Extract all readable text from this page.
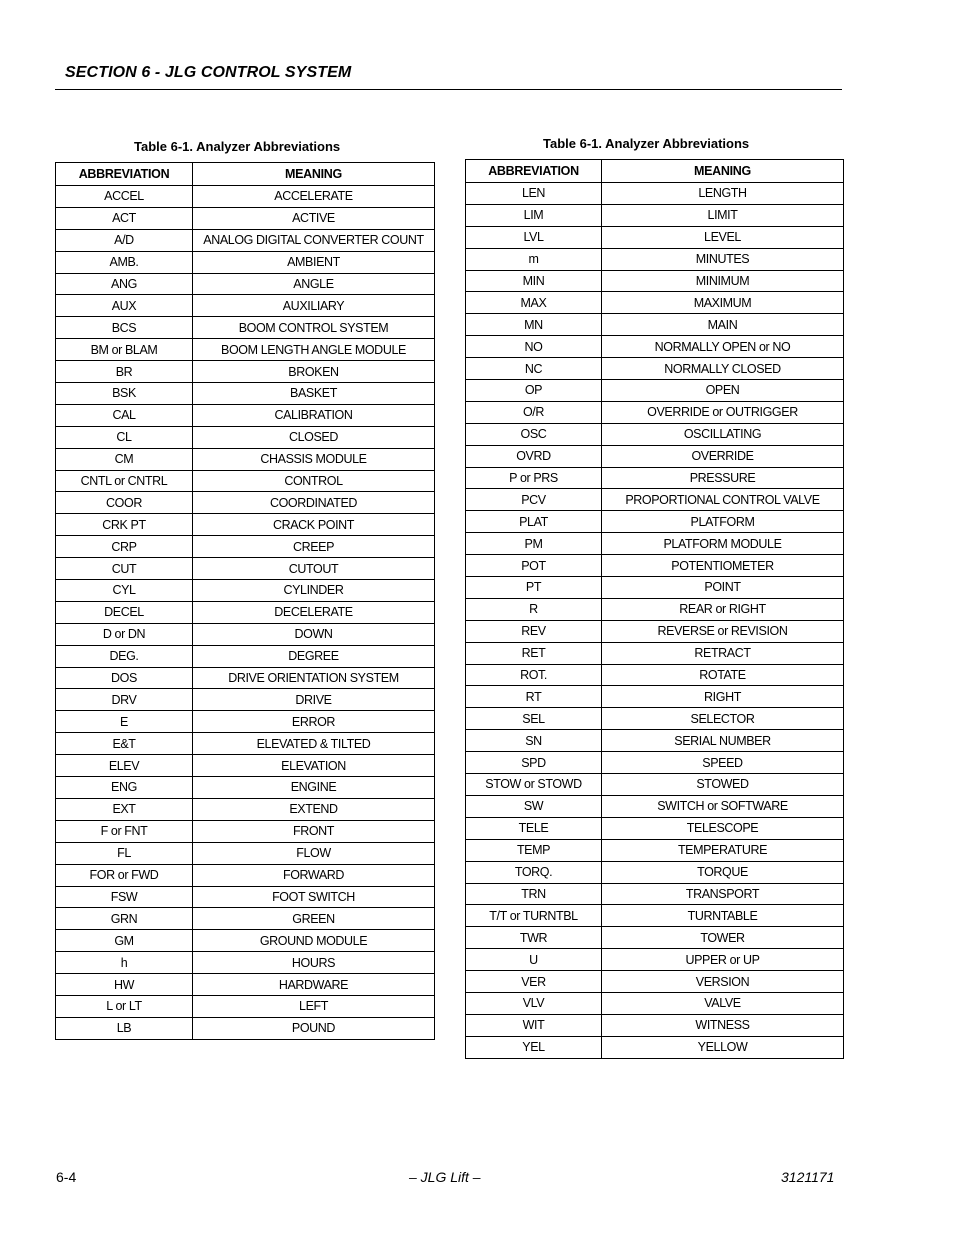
SECTION 6 - JLG CONTROL SYSTEM
Table 6-1. Analyzer Abbreviations	Table 6-1. Analyzer Abbreviations
ABBREVIATION	MEANING
ACCEL	ACCELERATE
ACT	ACTIVE
A/D	ANALOG DIGITAL CONVERTER COUNT
AMB.	AMBIENT
ANG	ANGLE
AUX	AUXILIARY
BCS	BOOM CONTROL SYSTEM
BM or BLAM	BOOM LENGTH ANGLE MODULE
BR	BROKEN
BSK	BASKET
CAL	CALIBRATION
CL	CLOSED
CM	CHASSIS MODULE
CNTL or CNTRL	CONTROL
COOR	COORDINATED
CRK PT	CRACK POINT
CRP	CREEP
CUT	CUTOUT
CYL	CYLINDER
DECEL	DECELERATE
D or DN	DOWN
DEG.	DEGREE
DOS	DRIVE ORIENTATION SYSTEM
DRV	DRIVE
E	ERROR
E&T	ELEVATED & TILTED
ELEV	ELEVATION
ENG	ENGINE
EXT	EXTEND
F or FNT	FRONT
FL	FLOW
FOR or FWD	FORWARD
FSW	FOOT SWITCH
GRN	GREEN
GM	GROUND MODULE
h	HOURS
HW	HARDWARE
L or LT	LEFT
LB	POUND
ABBREVIATION	MEANING
LEN	LENGTH
LIM	LIMIT
LVL	LEVEL
m	MINUTES
MIN	MINIMUM
MAX	MAXIMUM
MN	MAIN
NO	NORMALLY OPEN or NO
NC	NORMALLY CLOSED
OP	OPEN
O/R	OVERRIDE or OUTRIGGER
OSC	OSCILLATING
OVRD	OVERRIDE
P or PRS	PRESSURE
PCV	PROPORTIONAL CONTROL VALVE
PLAT	PLATFORM
PM	PLATFORM MODULE
POT	POTENTIOMETER
PT	POINT
R	REAR or RIGHT
REV	REVERSE or REVISION
RET	RETRACT
ROT.	ROTATE
RT	RIGHT
SEL	SELECTOR
SN	SERIAL NUMBER
SPD	SPEED
STOW or STOWD	STOWED
SW	SWITCH or SOFTWARE
TELE	TELESCOPE
TEMP	TEMPERATURE
TORQ.	TORQUE
TRN	TRANSPORT
T/T or TURNTBL	TURNTABLE
TWR	TOWER
U	UPPER or UP
VER	VERSION
VLV	VALVE
WIT	WITNESS
YEL	YELLOW
6-4	– JLG Lift –	3121171
